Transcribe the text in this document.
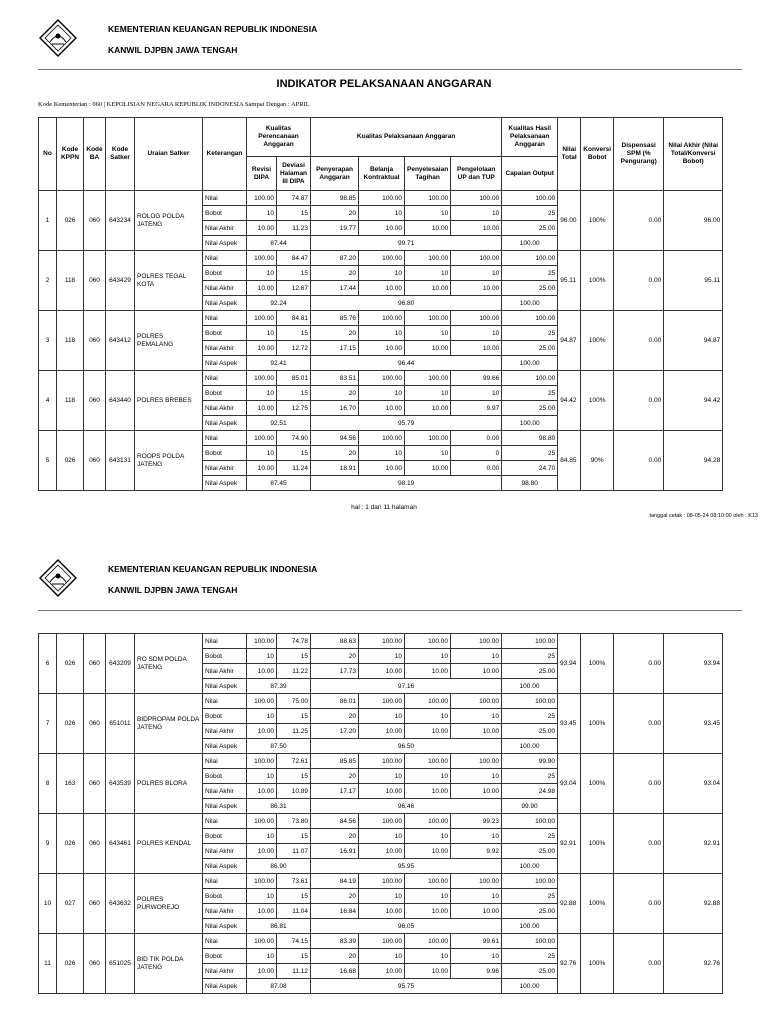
KEMENTERIAN KEUANGAN REPUBLIK INDONESIA
KANWIL DJPBN JAWA TENGAH
INDIKATOR PELAKSANAAN ANGGARAN
Kode Kementerian : 060 | KEPOLISIAN NEGARA REPUBLIK INDONESIA Sampai Dengan : APRIL
No	Kode KPPN	Kode BA	Kode Satker	Uraian Satker	Keterangan	Kualitas Perencanaan Anggaran		Kualitas Pelaksanaan Anggaran				Kualitas Hasil Pelaksanaan Anggaran	Nilai Total	Konversi Bobot	Dispensasi SPM (% Pengurang)	Nilai Akhir (Nilai Total/Konversi Bobot)
						Revisi DIPA	Deviasi Halaman III DIPA	Penyerapan Anggaran	Belanja Kontraktual	Penyelesaian Tagihan	Pengelolaan UP dan TUP	Capaian Output				
1	026	060	643234	ROLOG POLDA JATENG	Nilai	100.00	74.87	98.85	100.00	100.00	100.00	100.00	96.00	100%	0.00	96.00
					Bobot	10	15	20	10	10	10	25				
					Nilai Akhir	10.00	11.23	19.77	10.00	10.00	10.00	25.00				
					Nilai Aspek	87.44		99.71				100.00				
2	118	060	643429	POLRES TEGAL KOTA	Nilai	100.00	84.47	87.20	100.00	100.00	100.00	100.00	95.11	100%	0.00	95.11
					Bobot	10	15	20	10	10	10	25				
					Nilai Akhir	10.00	12.67	17.44	10.00	10.00	10.00	25.00				
					Nilai Aspek	92.24		96.80				100.00				
3	118	060	643412	POLRES PEMALANG	Nilai	100.00	84.81	85.76	100.00	100.00	100.00	100.00	94.87	100%	0.00	94.87
					Bobot	10	15	20	10	10	10	25				
					Nilai Akhir	10.00	12.72	17.15	10.00	10.00	10.00	25.00				
					Nilai Aspek	92.41		96.44				100.00				
4	118	060	643440	POLRES BREBES	Nilai	100.00	85.01	83.51	100.00	100.00	99.66	100.00	94.42	100%	0.00	94.42
					Bobot	10	15	20	10	10	10	25				
					Nilai Akhir	10.00	12.75	16.70	10.00	10.00	9.97	25.00				
					Nilai Aspek	92.51		95.79				100.00				
5	026	060	643131	ROOPS POLDA JATENG	Nilai	100.00	74.90	94.56	100.00	100.00	0.00	98.80	84.85	90%	0.00	94.28
					Bobot	10	15	20	10	10	0	25				
					Nilai Akhir	10.00	11.24	18.91	10.00	10.00	0.00	24.70				
					Nilai Aspek	87.45		98.19				98.80				
hal : 1 dari 11 halaman
tanggal cetak : 08-05-24 08:10:00 oleh : K13
KEMENTERIAN KEUANGAN REPUBLIK INDONESIA
KANWIL DJPBN JAWA TENGAH
6	026	060	643209	RO SDM POLDA JATENG	Nilai	100.00	74.78	88.63	100.00	100.00	100.00	100.00	93.94	100%	0.00	93.94
					Bobot	10	15	20	10	10	10	25				
					Nilai Akhir	10.00	11.22	17.73	10.00	10.00	10.00	25.00				
					Nilai Aspek	87.39		97.16				100.00				
7	026	060	651011	BIDPROPAM POLDA JATENG	Nilai	100.00	75.00	86.01	100.00	100.00	100.00	100.00	93.45	100%	0.00	93.45
					Bobot	10	15	20	10	10	10	25				
					Nilai Akhir	10.00	11.25	17.20	10.00	10.00	10.00	25.00				
					Nilai Aspek	87.50		96.50				100.00				
8	163	060	643539	POLRES BLORA	Nilai	100.00	72.61	85.85	100.00	100.00	100.00	99.90	93.04	100%	0.00	93.04
					Bobot	10	15	20	10	10	10	25				
					Nilai Akhir	10.00	10.89	17.17	10.00	10.00	10.00	24.98				
					Nilai Aspek	86.31		96.46				99.90				
9	026	060	643461	POLRES KENDAL	Nilai	100.00	73.80	84.56	100.00	100.00	99.23	100.00	92.91	100%	0.00	92.91
					Bobot	10	15	20	10	10	10	25				
					Nilai Akhir	10.00	11.07	16.91	10.00	10.00	9.92	25.00				
					Nilai Aspek	86.90		95.95				100.00				
10	027	060	643632	POLRES PURWOREJO	Nilai	100.00	73.61	84.19	100.00	100.00	100.00	100.00	92.88	100%	0.00	92.88
					Bobot	10	15	20	10	10	10	25				
					Nilai Akhir	10.00	11.04	16.84	10.00	10.00	10.00	25.00				
					Nilai Aspek	86.81		96.05				100.00				
11	026	060	651025	BID TIK POLDA JATENG	Nilai	100.00	74.15	83.39	100.00	100.00	99.61	100.00	92.76	100%	0.00	92.76
					Bobot	10	15	20	10	10	10	25				
					Nilai Akhir	10.00	11.12	16.68	10.00	10.00	9.96	25.00				
					Nilai Aspek	87.08		95.75				100.00				
